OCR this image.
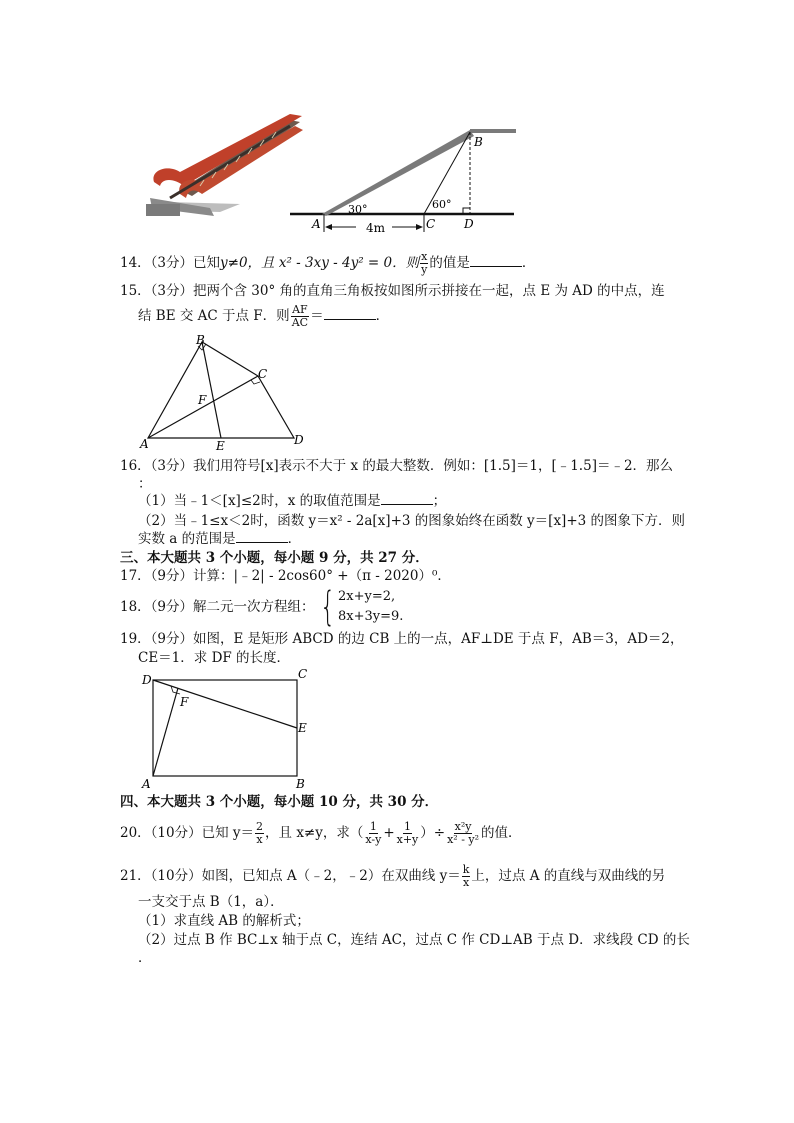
B
A	C D
30°	60°
4m
14．（3分）已知y≠0，且 x² - 3xy - 4y² = 0．则 $\frac{x}{y}$ 的值是	．
15．（3分）把两个含 30° 角的直角三角板按如图所示拼接在一起，点 E 为 AD 的中点，连
结 BE 交 AC 于点 F．则 $\frac{AF}{AC}$ ＝	．
B
C
F
A	E	D
16．（3分）我们用符号[x]表示不大于 x 的最大整数．例如：[1.5]＝1，[﹣1.5]＝﹣2．那么
：
（1）当﹣1＜[x]≤2时，x 的取值范围是	；
（2）当﹣1≤x＜2时，函数 y＝x² - 2a[x]+3 的图象始终在函数 y＝[x]+3 的图象下方．则
实数 a 的范围是	．
三、本大题共 3 个小题，每小题 9 分，共 27 分．
17．（9分）计算：|﹣2| - 2cos60° +（π - 2020）⁰．
18．（9分）解二元一次方程组： { 2x+y=2,
8x+3y=9.
19．（9分）如图，E 是矩形 ABCD 的边 CB 上的一点，AF⊥DE 于点 F，AB＝3，AD＝2，
CE＝1．求 DF 的长度．
D	C
F
E
A	B
四、本大题共 3 个小题，每小题 10 分，共 30 分．
20．（10分）已知 $y= \frac{2}{x}$ ，且 x≠y，求（ $\frac{1}{x-y} + \frac{1}{x+y}$ ）÷ $\frac{\text{x²y}}{\text{x² - y²}}$ 的值．
21．（10分）如图，已知点 A（﹣2，﹣2）在双曲线 $y= \frac{k}{x}$ 上，过点 A 的直线与双曲线的另
一支交于点 B（1，a）．
（1）求直线 AB 的解析式；
（2）过点 B 作 BC⊥x 轴于点 C，连结 AC，过点 C 作 CD⊥AB 于点 D．求线段 CD 的长
．
